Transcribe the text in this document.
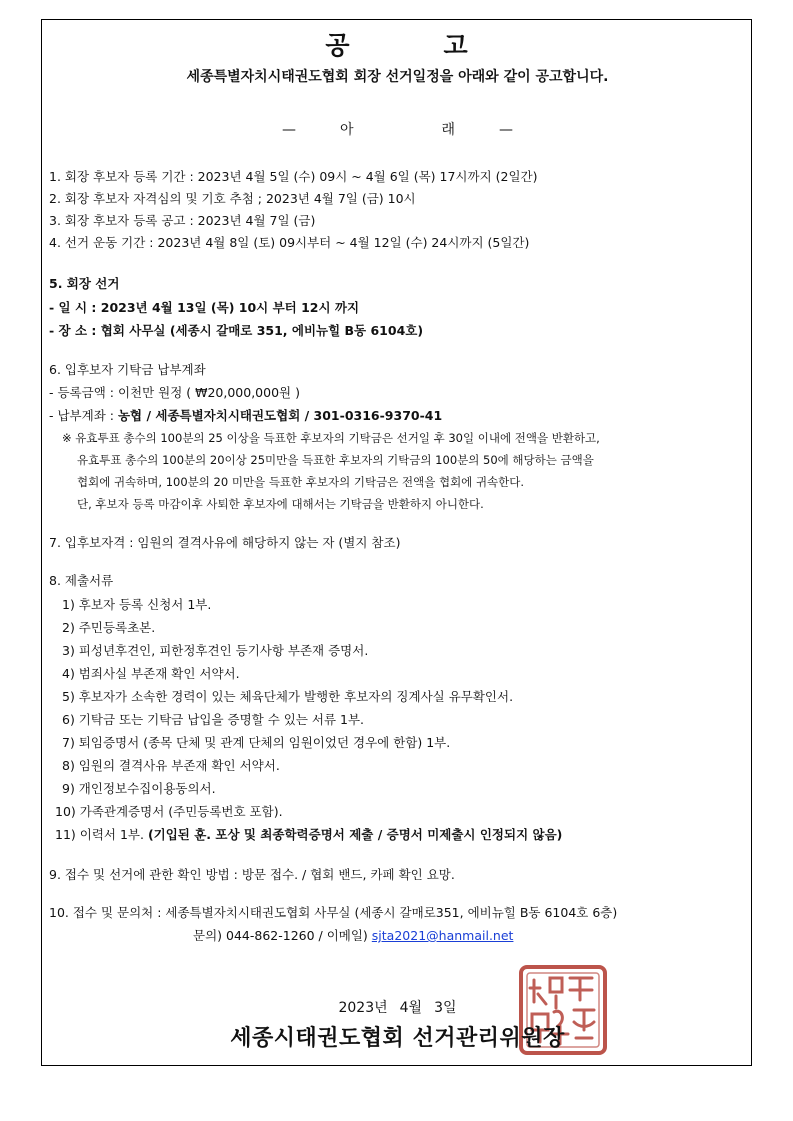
공	고
세종특별자치시태권도협회 회장 선거일정을 아래와 같이 공고합니다.
—	아	래	—
1. 회장 후보자 등록 기간 : 2023년 4월 5일 (수) 09시 ~ 4월 6일 (목) 17시까지 (2일간)
2. 회장 후보자 자격심의 및 기호 추첨 ; 2023년 4월 7일 (금) 10시
3. 회장 후보자 등록 공고 : 2023년 4월 7일 (금)
4. 선거 운동 기간 : 2023년 4월 8일 (토) 09시부터 ~ 4월 12일 (수) 24시까지 (5일간)
5. 회장 선거
- 일 시 : 2023년 4월 13일 (목) 10시 부터 12시 까지
- 장 소 : 협회 사무실 (세종시 갈매로 351, 에비뉴힐 B동 6104호)
6. 입후보자 기탁금 납부계좌
- 등록금액 : 이천만 원정 ( ₩20,000,000원 )
- 납부계좌 : 농협 / 세종특별자치시태권도협회 / 301-0316-9370-41
※ 유효투표 총수의 100분의 25 이상을 득표한 후보자의 기탁금은 선거일 후 30일 이내에 전액을 반환하고,
유효투표 총수의 100분의 20이상 25미만을 득표한 후보자의 기탁금의 100분의 50에 해당하는 금액을
협회에 귀속하며, 100분의 20 미만을 득표한 후보자의 기탁금은 전액을 협회에 귀속한다.
단, 후보자 등록 마감이후 사퇴한 후보자에 대해서는 기탁금을 반환하지 아니한다.
7. 입후보자격 : 임원의 결격사유에 해당하지 않는 자 (별지 참조)
8. 제출서류
1) 후보자 등록 신청서 1부.
2) 주민등록초본.
3) 피성년후견인, 피한정후견인 등기사항 부존재 증명서.
4) 범죄사실 부존재 확인 서약서.
5) 후보자가 소속한 경력이 있는 체육단체가 발행한 후보자의 징계사실 유무확인서.
6) 기탁금 또는 기탁금 납입을 증명할 수 있는 서류 1부.
7) 퇴임증명서 (종목 단체 및 관계 단체의 임원이었던 경우에 한함) 1부.
8) 임원의 결격사유 부존재 확인 서약서.
9) 개인정보수집이용동의서.
10) 가족관계증명서 (주민등록번호 포함).
11) 이력서 1부. (기입된 훈. 포상 및 최종학력증명서 제출 / 증명서 미제출시 인정되지 않음)
9. 접수 및 선거에 관한 확인 방법 : 방문 접수. / 협회 밴드, 카페 확인 요망.
10. 접수 및 문의처 : 세종특별자치시태권도협회 사무실 (세종시 갈매로351, 에비뉴힐 B동 6104호 6층)
문의) 044-862-1260 / 이메일) sjta2021@hanmail.net
2023년 4월 3일
세종시태권도협회 선거관리위원장
